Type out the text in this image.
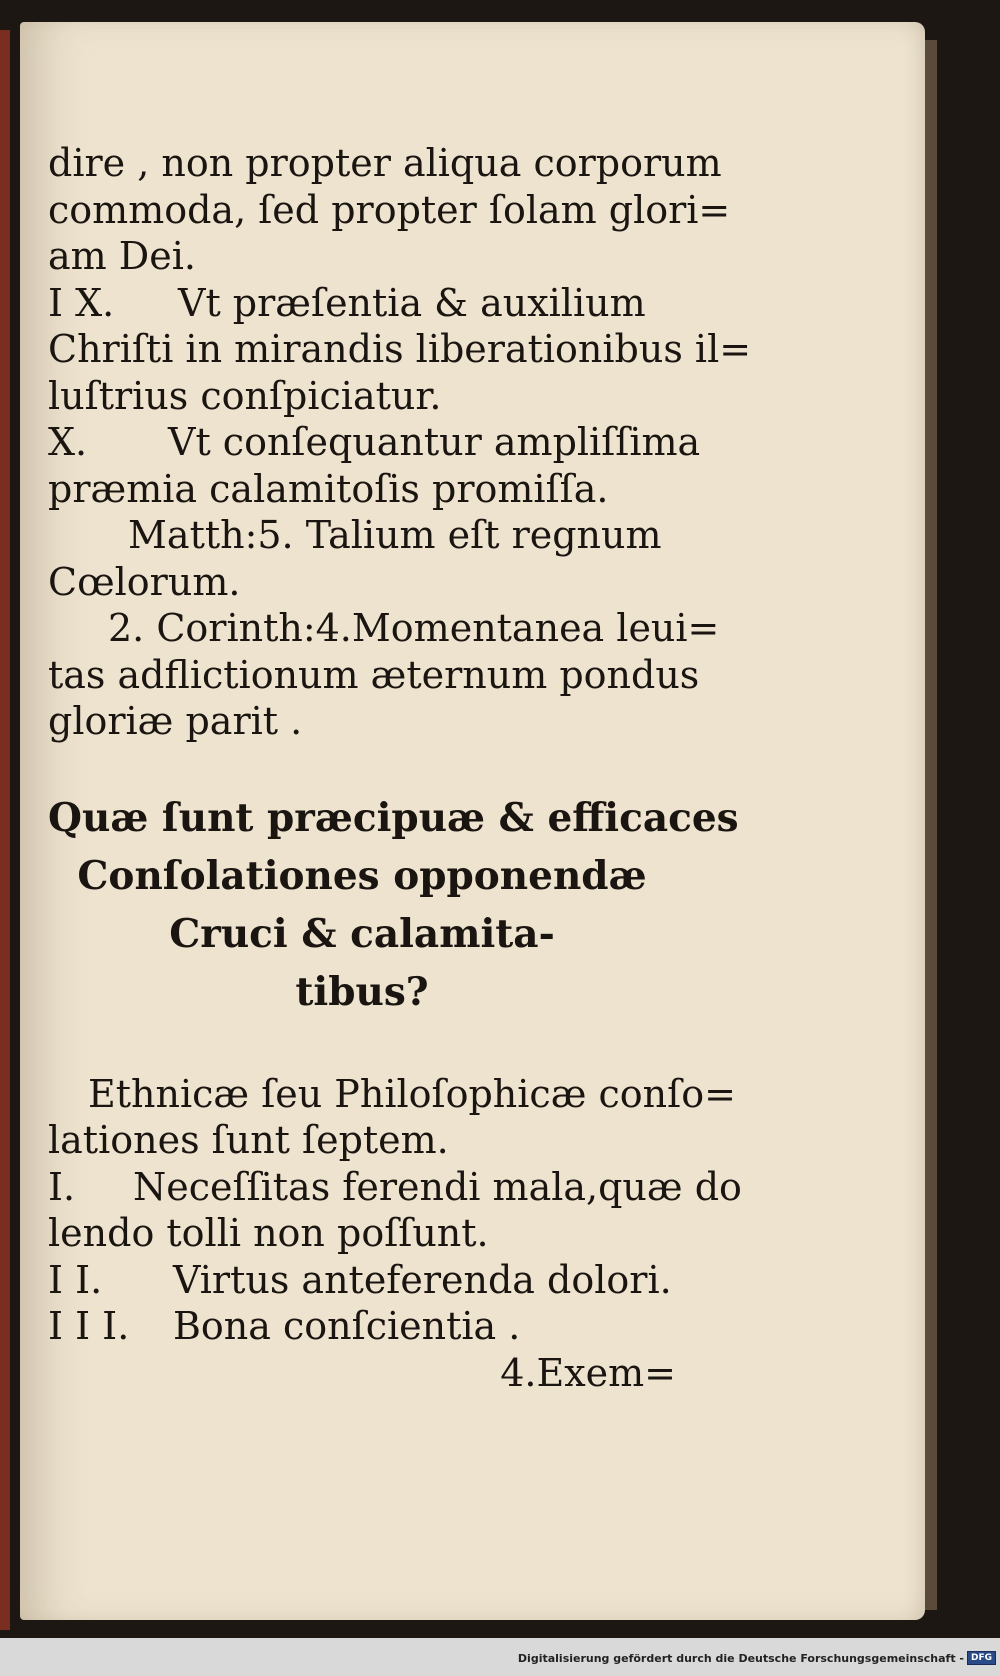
dire , non propter aliqua corporum
commoda, ſed propter ſolam glori=
am Dei.
I X. Vt præſentia & auxilium
Chriſti in mirandis liberationibus il=
luſtrius conſpiciatur.
X. Vt conſequantur ampliſſima
præmia calamitoſis promiſſa.
Matth:5. Talium eſt regnum
Cœlorum.
2. Corinth:4.Momentanea leui=
tas adflictionum æternum pondus
gloriæ parit .
Quæ ſunt præcipuæ & efficaces
Conſolationes opponendæ
Cruci & calamita-
tibus?
Ethnicæ ſeu Philoſophicæ conſo=
lationes ſunt ſeptem.
I. Neceſſitas ferendi mala,quæ do
lendo tolli non poſſunt.
I I. Virtus anteferenda dolori.
I I I. Bona conſcientia .
4.Exem=
Digitalisierung gefördert durch die Deutsche Forschungsgemeinschaft - DFG
